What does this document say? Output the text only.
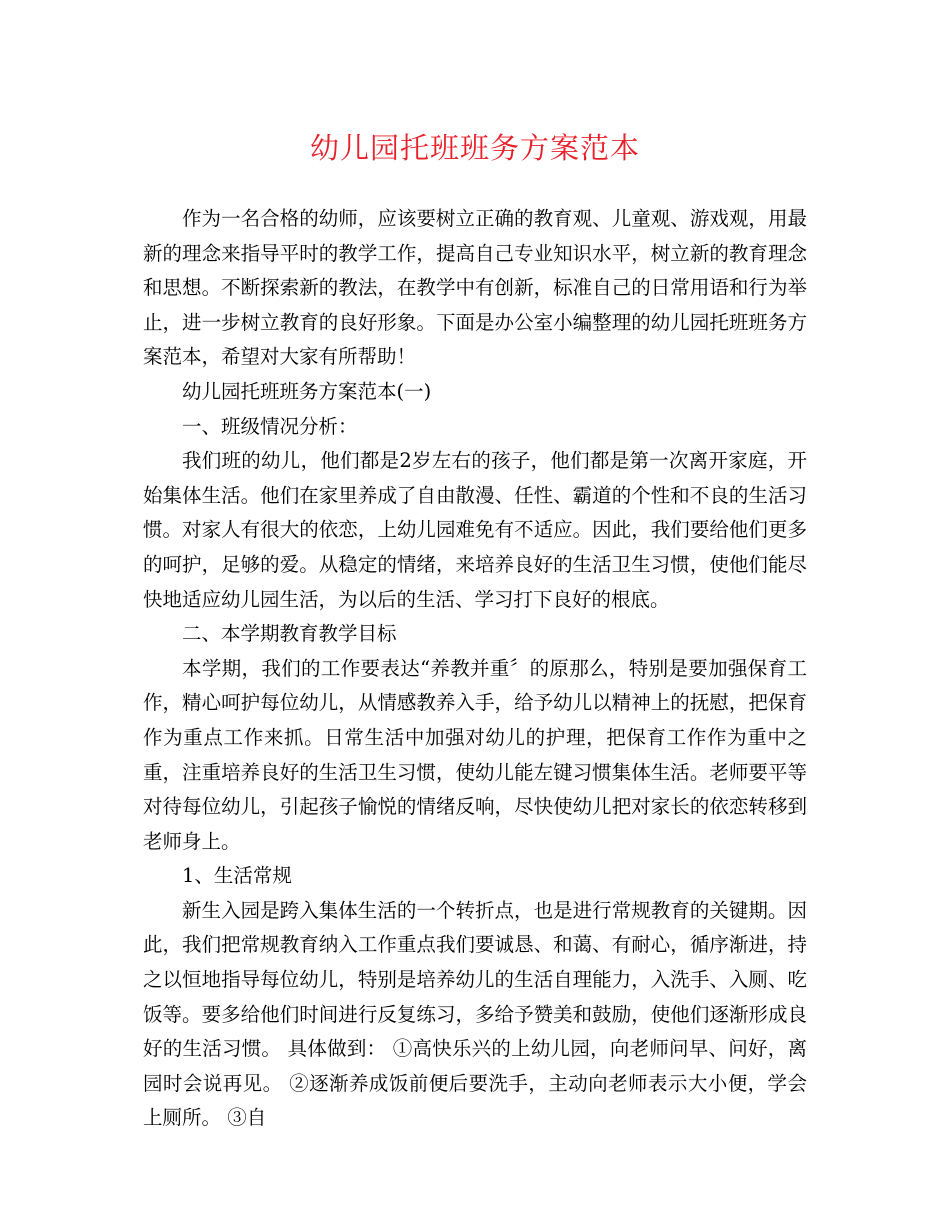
幼儿园托班班务方案范本

作为一名合格的幼师，应该要树立正确的教育观、儿童观、游戏观，用最新的理念来指导平时的教学工作，提高自己专业知识水平，树立新的教育理念和思想。不断探索新的教法，在教学中有创新，标准自己的日常用语和行为举止，进一步树立教育的良好形象。下面是办公室小编整理的幼儿园托班班务方案范本，希望对大家有所帮助！

幼儿园托班班务方案范本(一)

一、班级情况分析：

我们班的幼儿，他们都是2岁左右的孩子，他们都是第一次离开家庭，开始集体生活。他们在家里养成了自由散漫、任性、霸道的个性和不良的生活习惯。对家人有很大的依恋，上幼儿园难免有不适应。因此，我们要给他们更多的呵护，足够的爱。从稳定的情绪，来培养良好的生活卫生习惯，使他们能尽快地适应幼儿园生活，为以后的生活、学习打下良好的根底。

二、本学期教育教学目标

本学期，我们的工作要表达“养教并重〞的原那么，特别是要加强保育工作，精心呵护每位幼儿，从情感教养入手，给予幼儿以精神上的抚慰，把保育作为重点工作来抓。日常生活中加强对幼儿的护理，把保育工作作为重中之重，注重培养良好的生活卫生习惯，使幼儿能左键习惯集体生活。老师要平等对待每位幼儿，引起孩子愉悦的情绪反响，尽快使幼儿把对家长的依恋转移到老师身上。

1、生活常规

新生入园是跨入集体生活的一个转折点，也是进行常规教育的关键期。因此，我们把常规教育纳入工作重点我们要诚恳、和蔼、有耐心，循序渐进，持之以恒地指导每位幼儿，特别是培养幼儿的生活自理能力，入洗手、入厕、吃饭等。要多给他们时间进行反复练习，多给予赞美和鼓励，使他们逐渐形成良好的生活习惯。 具体做到： ①高快乐兴的上幼儿园，向老师问早、问好，离园时会说再见。 ②逐渐养成饭前便后要洗手，主动向老师表示大小便，学会上厕所。 ③自
